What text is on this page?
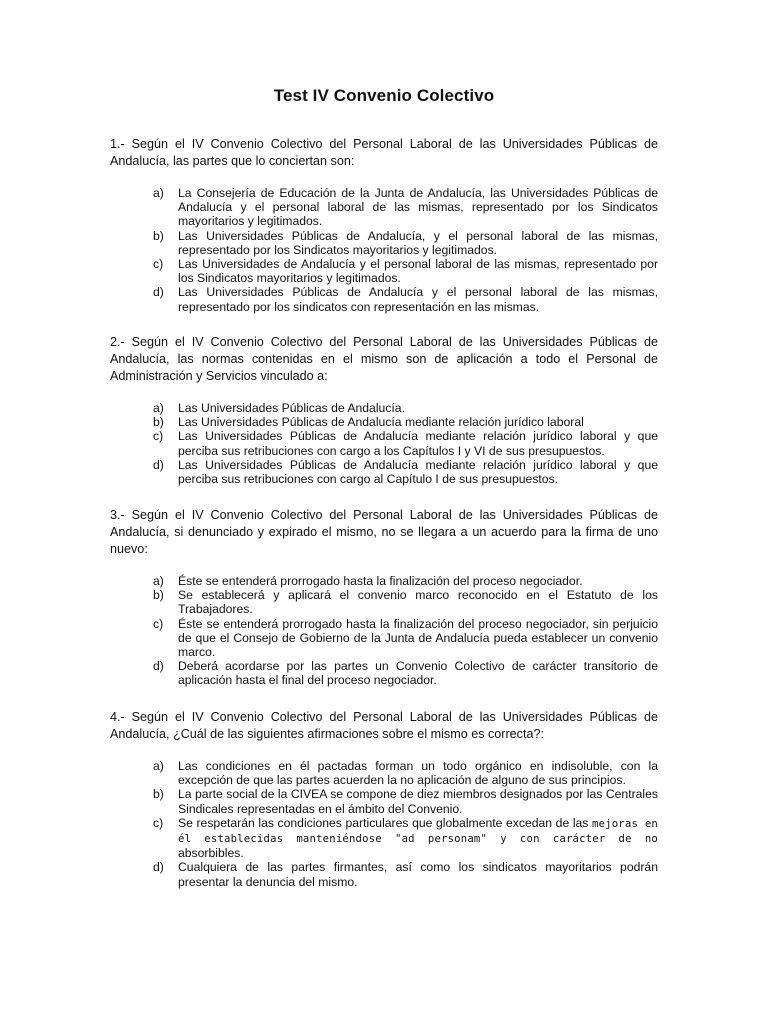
Test IV Convenio Colectivo

1.- Según el IV Convenio Colectivo del Personal Laboral de las Universidades Públicas de Andalucía, las partes que lo conciertan son:

a) La Consejería de Educación de la Junta de Andalucía, las Universidades Públicas de Andalucía y el personal laboral de las mismas, representado por los Sindicatos mayoritarios y legitimados.
b) Las Universidades Públicas de Andalucía, y el personal laboral de las mismas, representado por los Sindicatos mayoritarios y legitimados.
c) Las Universidades de Andalucía y el personal laboral de las mismas, representado por los Sindicatos mayoritarios y legitimados.
d) Las Universidades Públicas de Andalucía y el personal laboral de las mismas, representado por los sindicatos con representación en las mismas.

2.- Según el IV Convenio Colectivo del Personal Laboral de las Universidades Públicas de Andalucía, las normas contenidas en el mismo son de aplicación a todo el Personal de Administración y Servicios vinculado a:

a) Las Universidades Públicas de Andalucía.
b) Las Universidades Públicas de Andalucía mediante relación jurídico laboral
c) Las Universidades Públicas de Andalucía mediante relación jurídico laboral y que perciba sus retribuciones con cargo a los Capítulos I y VI de sus presupuestos.
d) Las Universidades Públicas de Andalucía mediante relación jurídico laboral y que perciba sus retribuciones con cargo al Capítulo I de sus presupuestos.

3.- Según el IV Convenio Colectivo del Personal Laboral de las Universidades Públicas de Andalucía, si denunciado y expirado el mismo, no se llegara a un acuerdo para la firma de uno nuevo:

a) Éste se entenderá prorrogado hasta la finalización del proceso negociador.
b) Se establecerá y aplicará el convenio marco reconocido en el Estatuto de los Trabajadores.
c) Éste se entenderá prorrogado hasta la finalización del proceso negociador, sin perjuicio de que el Consejo de Gobierno de la Junta de Andalucía pueda establecer un convenio marco.
d) Deberá acordarse por las partes un Convenio Colectivo de carácter transitorio de aplicación hasta el final del proceso negociador.

4.- Según el IV Convenio Colectivo del Personal Laboral de las Universidades Públicas de Andalucía, ¿Cuál de las siguientes afirmaciones sobre el mismo es correcta?:

a) Las condiciones en él pactadas forman un todo orgánico en indisoluble, con la excepción de que las partes acuerden la no aplicación de alguno de sus principios.
b) La parte social de la CIVEA se compone de diez miembros designados por las Centrales Sindicales representadas en el ámbito del Convenio.
c) Se respetarán las condiciones particulares que globalmente excedan de las mejoras en él establecidas manteniéndose "ad personam" y con carácter de no absorbibles.
d) Cualquiera de las partes firmantes, así como los sindicatos mayoritarios podrán presentar la denuncia del mismo.
